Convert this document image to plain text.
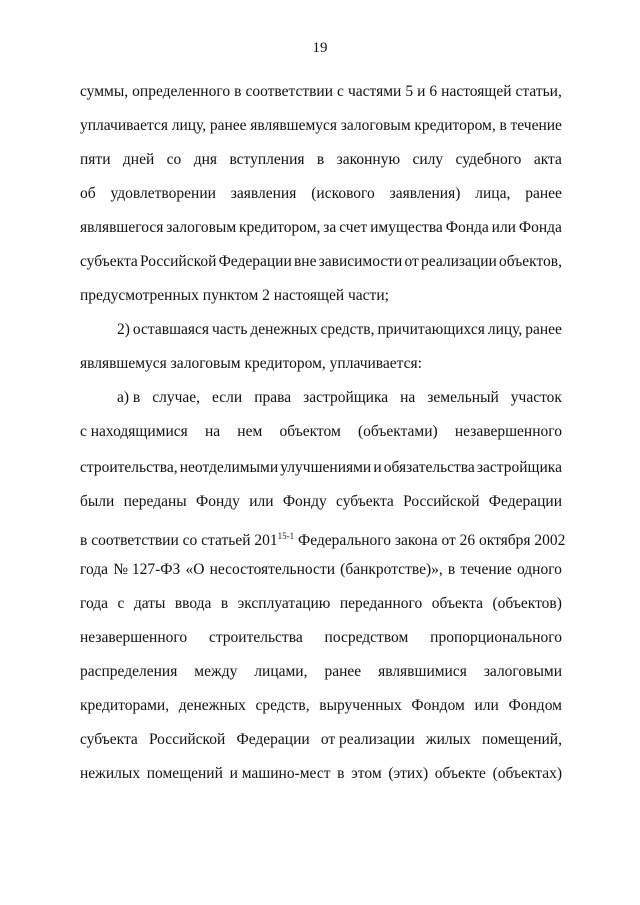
19
суммы, определенного в соответствии с частями 5 и 6 настоящей статьи,
уплачивается лицу, ранее являвшемуся залоговым кредитором, в течение
пяти дней со дня вступления в законную силу судебного акта
об удовлетворении заявления (искового заявления) лица, ранее
являвшегося залоговым кредитором, за счет имущества Фонда или Фонда
субъекта Российской Федерации вне зависимости от реализации объектов,
предусмотренных пунктом 2 настоящей части;
2) оставшаяся часть денежных средств, причитающихся лицу, ранее
являвшемуся залоговым кредитором, уплачивается:
а) в случае, если права застройщика на земельный участок
с находящимися на нем объектом (объектами) незавершенного
строительства, неотделимыми улучшениями и обязательства застройщика
были переданы Фонду или Фонду субъекта Российской Федерации
в соответствии со статьей 201$^{15-1}$ Федерального закона от 26 октября 2002
года № 127-ФЗ «О несостоятельности (банкротстве)», в течение одного
года с даты ввода в эксплуатацию переданного объекта (объектов)
незавершенного строительства посредством пропорционального
распределения между лицами, ранее являвшимися залоговыми
кредиторами, денежных средств, вырученных Фондом или Фондом
субъекта Российской Федерации от реализации жилых помещений,
нежилых помещений и машино-мест в этом (этих) объекте (объектах)
